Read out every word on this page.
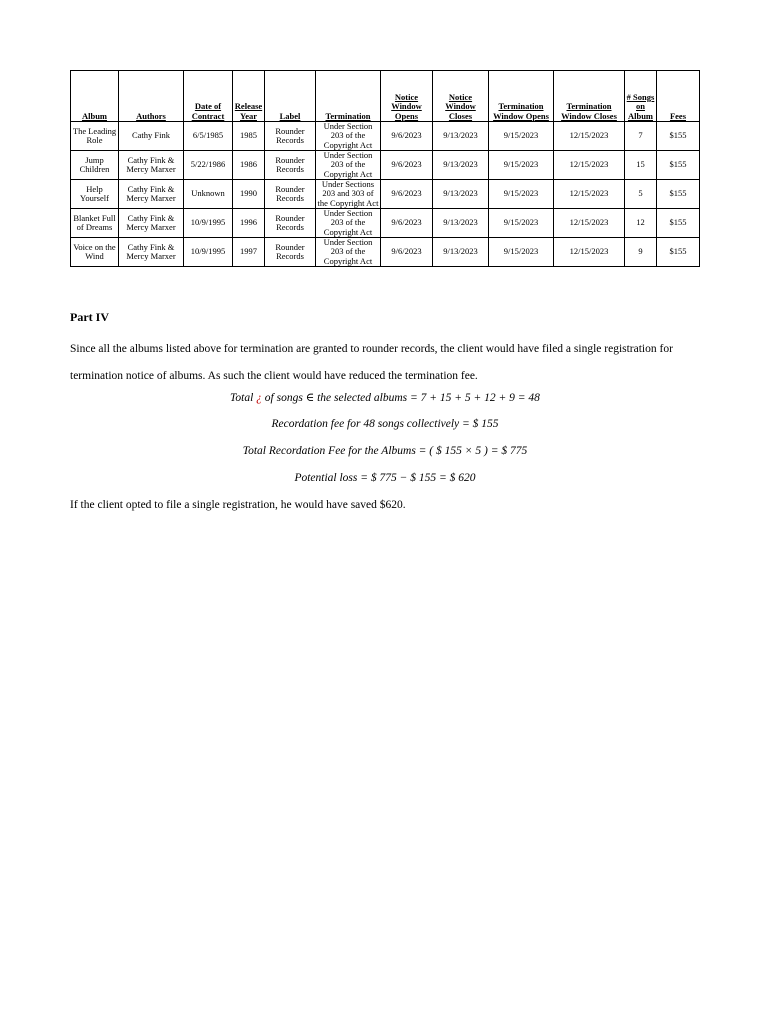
Album	Authors	Date of Contract	Release Year	Label	Termination	Notice Window Opens	Notice Window Closes	Termination Window Opens	Termination Window Closes	# Songs on Album	Fees
The Leading Role	Cathy Fink	6/5/1985	1985	Rounder Records	Under Section 203 of the Copyright Act	9/6/2023	9/13/2023	9/15/2023	12/15/2023	7	$155
Jump Children	Cathy Fink & Mercy Marxer	5/22/1986	1986	Rounder Records	Under Section 203 of the Copyright Act	9/6/2023	9/13/2023	9/15/2023	12/15/2023	15	$155
Help Yourself	Cathy Fink & Mercy Marxer	Unknown	1990	Rounder Records	Under Sections 203 and 303 of the Copyright Act	9/6/2023	9/13/2023	9/15/2023	12/15/2023	5	$155
Blanket Full of Dreams	Cathy Fink & Mercy Marxer	10/9/1995	1996	Rounder Records	Under Section 203 of the Copyright Act	9/6/2023	9/13/2023	9/15/2023	12/15/2023	12	$155
Voice on the Wind	Cathy Fink & Mercy Marxer	10/9/1995	1997	Rounder Records	Under Section 203 of the Copyright Act	9/6/2023	9/13/2023	9/15/2023	12/15/2023	9	$155
Part IV
Since all the albums listed above for termination are granted to rounder records, the client would have filed a single registration for termination notice of albums. As such the client would have reduced the termination fee.
Total ¿ of songs ∈ the selected albums = 7 + 15 + 5 + 12 + 9 = 48
Recordation fee for 48 songs collectively = $ 155
Total Recordation Fee for the Albums = ( $ 155 × 5 ) = $ 775
Potential loss = $ 775 − $ 155 = $ 620
If the client opted to file a single registration, he would have saved $620.
